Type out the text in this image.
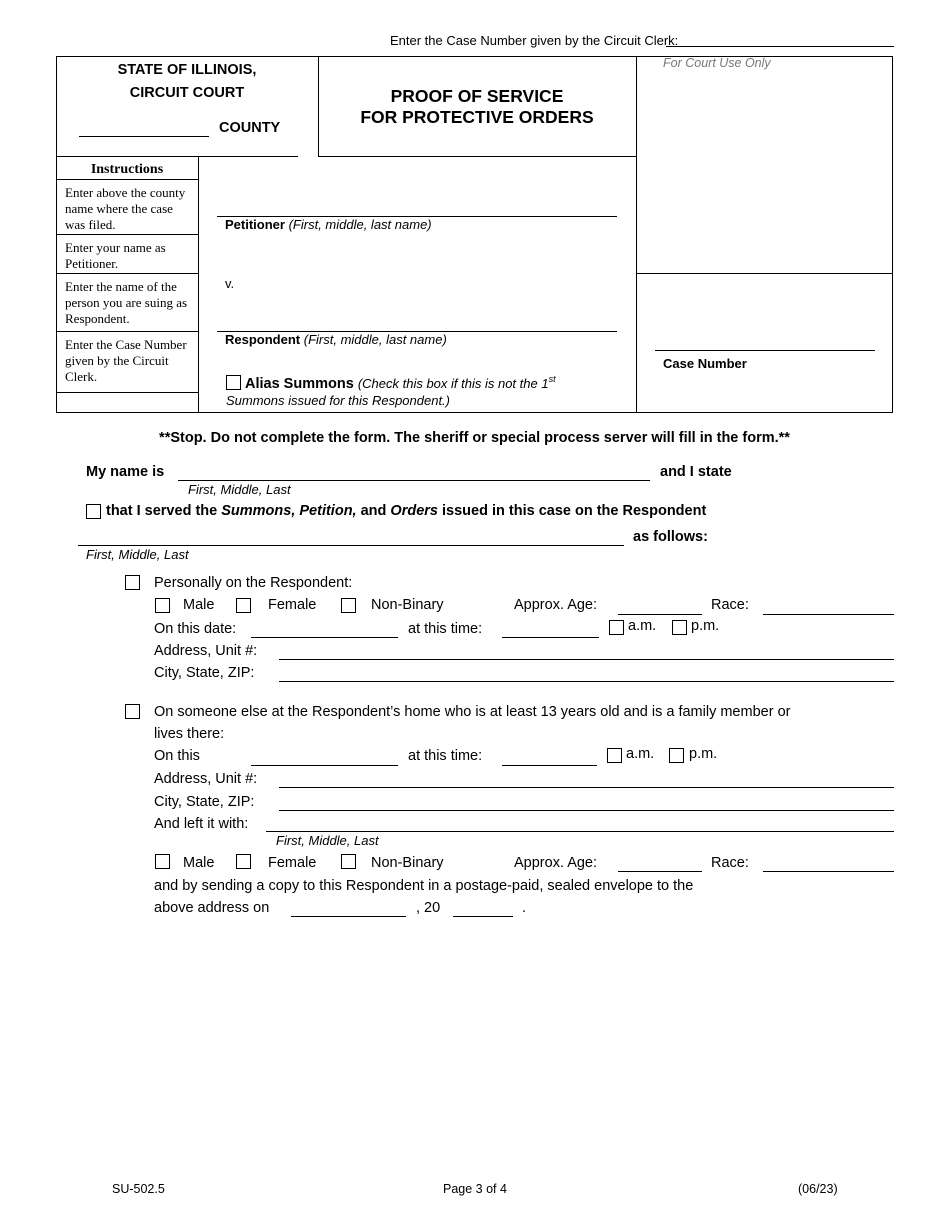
Enter the Case Number given by the Circuit Clerk:
STATE OF ILLINOIS,
CIRCUIT COURT
COUNTY
PROOF OF SERVICE
FOR PROTECTIVE ORDERS
For Court Use Only
Instructions
Enter above the county name where the case was filed.
Enter your name as Petitioner.
Enter the name of the person you are suing as Respondent.
Enter the Case Number given by the Circuit Clerk.
Petitioner (First, middle, last name)
v.
Respondent (First, middle, last name)
Alias Summons (Check this box if this is not the 1st
Summons issued for this Respondent.)
Case Number
**Stop. Do not complete the form. The sheriff or special process server will fill in the form.**
My name is	and I state
First, Middle, Last
that I served the Summons, Petition, and Orders issued in this case on the Respondent
as follows:
First, Middle, Last
Personally on the Respondent:
Male	Female	Non-Binary	Approx. Age:	Race:
On this date:	at this time:	a.m. p.m.
Address, Unit #:
City, State, ZIP:
On someone else at the Respondent’s home who is at least 13 years old and is a family member or
lives there:
On this	at this time:	a.m. p.m.
Address, Unit #:
City, State, ZIP:
And left it with:
First, Middle, Last
Male	Female	Non-Binary	Approx. Age:	Race:
and by sending a copy to this Respondent in a postage-paid, sealed envelope to the
above address on	, 20	.
SU-502.5	Page 3 of 4	(06/23)
